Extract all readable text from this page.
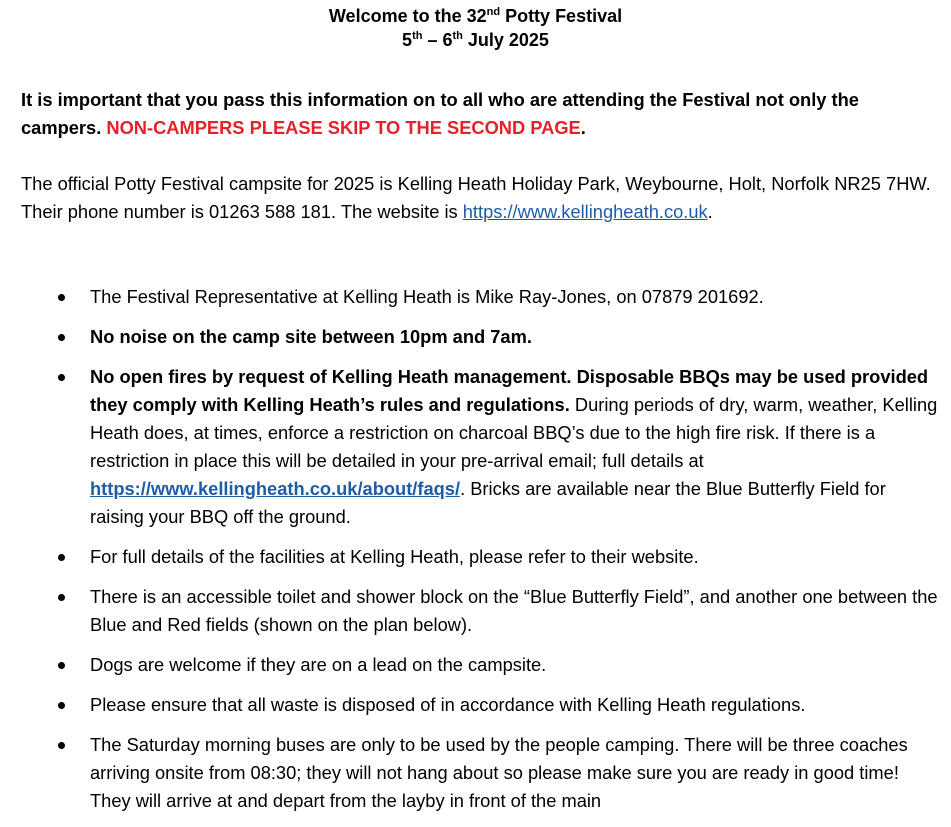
Welcome to the 32nd Potty Festival
5th – 6th July 2025
It is important that you pass this information on to all who are attending the Festival not only the campers. NON-CAMPERS PLEASE SKIP TO THE SECOND PAGE.
The official Potty Festival campsite for 2025 is Kelling Heath Holiday Park, Weybourne, Holt, Norfolk NR25 7HW. Their phone number is 01263 588 181. The website is https://www.kellingheath.co.uk.
The Festival Representative at Kelling Heath is Mike Ray-Jones, on 07879 201692.
No noise on the camp site between 10pm and 7am.
No open fires by request of Kelling Heath management. Disposable BBQs may be used provided they comply with Kelling Heath’s rules and regulations. During periods of dry, warm, weather, Kelling Heath does, at times, enforce a restriction on charcoal BBQ’s due to the high fire risk. If there is a restriction in place this will be detailed in your pre-arrival email; full details at https://www.kellingheath.co.uk/about/faqs/. Bricks are available near the Blue Butterfly Field for raising your BBQ off the ground.
For full details of the facilities at Kelling Heath, please refer to their website.
There is an accessible toilet and shower block on the “Blue Butterfly Field”, and another one between the Blue and Red fields (shown on the plan below).
Dogs are welcome if they are on a lead on the campsite.
Please ensure that all waste is disposed of in accordance with Kelling Heath regulations.
The Saturday morning buses are only to be used by the people camping. There will be three coaches arriving onsite from 08:30; they will not hang about so please make sure you are ready in good time! They will arrive at and depart from the layby in front of the main
